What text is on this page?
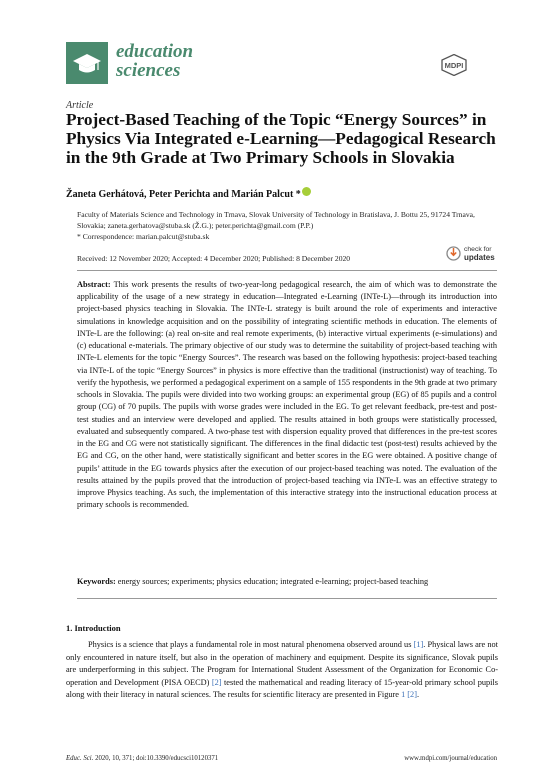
education
sciences	MDPI
Article
Project-Based Teaching of the Topic “Energy Sources” in Physics Via Integrated e-Learning—Pedagogical Research in the 9th Grade at Two Primary Schools in Slovakia
Žaneta Gerhátová, Peter Perichta and Marián Palcut *

Faculty of Materials Science and Technology in Trnava, Slovak University of Technology in Bratislava, J. Bottu 25, 91724 Trnava, Slovakia; zaneta.gerhatova@stuba.sk (Ž.G.); peter.perichta@gmail.com (P.P.)

* Correspondence: marian.palcut@stuba.sk

Received: 12 November 2020; Accepted: 4 December 2020; Published: 8 December 2020
check for
updates

Abstract: This work presents the results of two-year-long pedagogical research, the aim of which was to demonstrate the applicability of the usage of a new strategy in education—Integrated e-Learning (INTe-L)—through its introduction into project-based physics teaching in Slovakia. The INTe-L strategy is built around the role of experiments and interactive simulations in knowledge acquisition and on the possibility of integrating scientific methods in education. The elements of INTe-L are the following: (a) real on-site and real remote experiments, (b) interactive virtual experiments (e-simulations) and (c) educational e-materials. The primary objective of our study was to determine the suitability of project-based teaching with INTe-L elements for the topic “Energy Sources”. The research was based on the following hypothesis: project-based teaching via INTe-L of the topic “Energy Sources” in physics is more effective than the traditional (instructionist) way of teaching. To verify the hypothesis, we performed a pedagogical experiment on a sample of 155 respondents in the 9th grade at two primary schools in Slovakia. The pupils were divided into two working groups: an experimental group (EG) of 85 pupils and a control group (CG) of 70 pupils. The pupils with worse grades were included in the EG. To get relevant feedback, pre-test and post-test studies and an interview were developed and applied. The results attained in both groups were statistically processed, evaluated and subsequently compared. A two-phase test with dispersion equality proved that differences in the pre-test scores in the EG and CG were not statistically significant. The differences in the final didactic test (post-test) results achieved by the EG and CG, on the other hand, were statistically significant and better scores in the EG were obtained. A positive change of pupils’ attitude in the EG towards physics after the execution of our project-based teaching was noted. The evaluation of the results attained by the pupils proved that the introduction of project-based teaching via INTe-L was an effective strategy to improve Physics teaching. As such, the implementation of this interactive strategy into the instructional education process at primary schools is recommended.

Keywords: energy sources; experiments; physics education; integrated e-learning; project-based teaching

1. Introduction

Physics is a science that plays a fundamental role in most natural phenomena observed around us [1]. Physical laws are not only encountered in nature itself, but also in the operation of machinery and equipment. Despite its significance, Slovak pupils are underperforming in this subject. The Program for International Student Assessment of the Organization for Economic Co-operation and Development (PISA OECD) [2] tested the mathematical and reading literacy of 15-year-old primary school pupils along with their literacy in natural sciences. The results for scientific literacy are presented in Figure 1 [2].

Educ. Sci. 2020, 10, 371; doi:10.3390/educsci10120371	www.mdpi.com/journal/education
